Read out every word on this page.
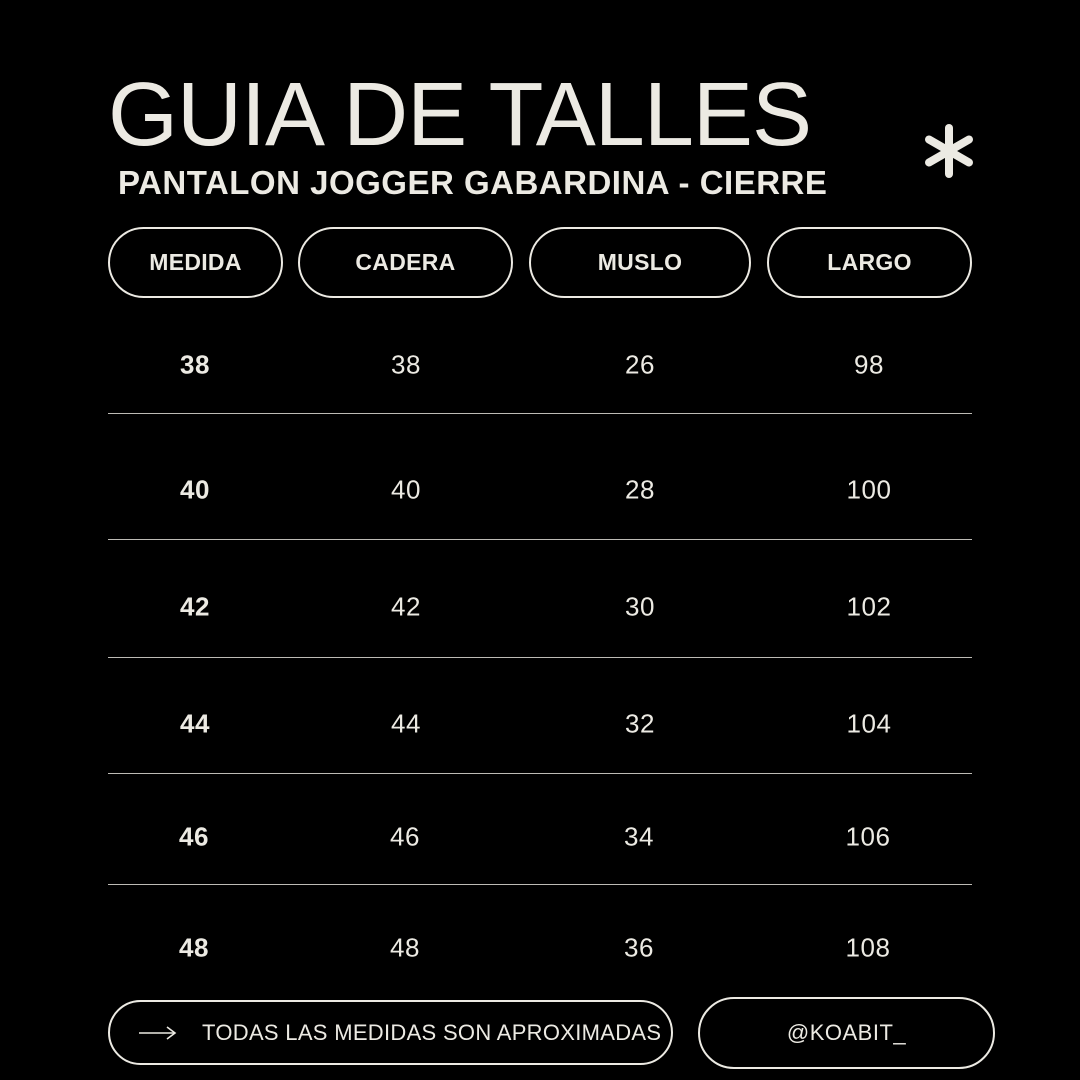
GUIA DE TALLES
PANTALON JOGGER GABARDINA - CIERRE
MEDIDA	CADERA	MUSLO	LARGO
38	38	26	98
40	40	28	100
42	42	30	102
44	44	32	104
46	46	34	106
48	48	36	108
TODAS LAS MEDIDAS SON APROXIMADAS	@KOABIT_
